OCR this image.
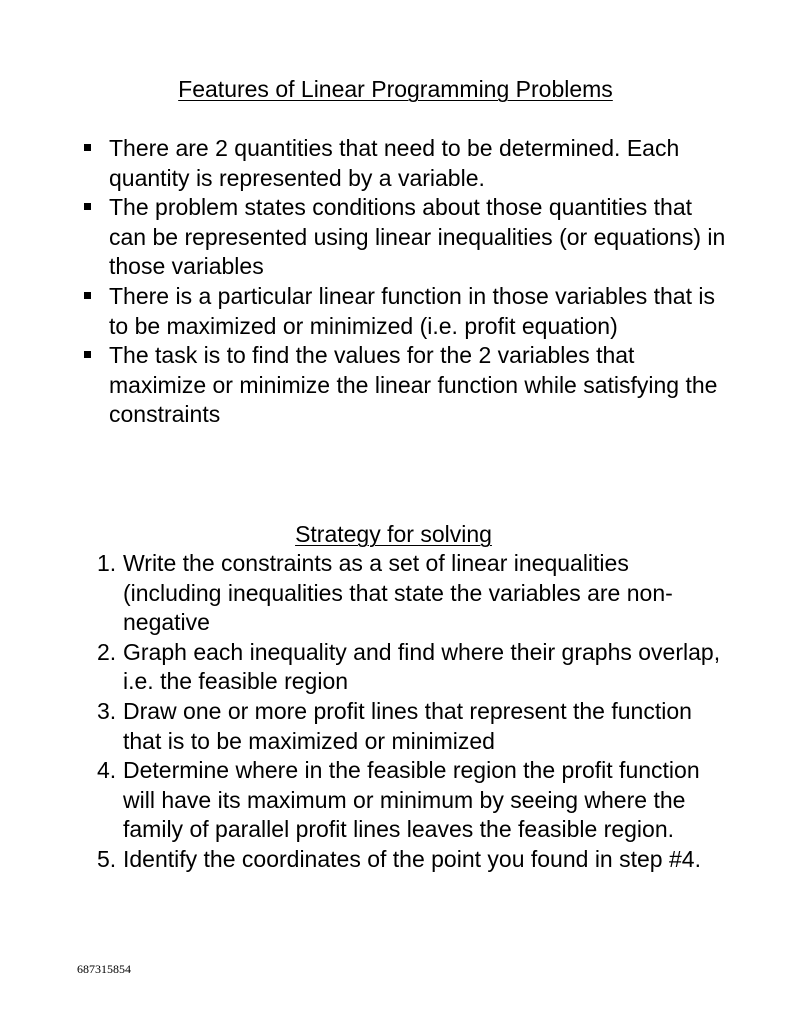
Features of Linear Programming Problems
There are 2 quantities that need to be determined. Each quantity is represented by a variable.
The problem states conditions about those quantities that can be represented using linear inequalities (or equations) in those variables
There is a particular linear function in those variables that is to be maximized or minimized (i.e. profit equation)
The task is to find the values for the 2 variables that maximize or minimize the linear function while satisfying the constraints
Strategy for solving
1. Write the constraints as a set of linear inequalities (including inequalities that state the variables are non-negative
2. Graph each inequality and find where their graphs overlap, i.e. the feasible region
3. Draw one or more profit lines that represent the function that is to be maximized or minimized
4. Determine where in the feasible region the profit function will have its maximum or minimum by seeing where the family of parallel profit lines leaves the feasible region.
5. Identify the coordinates of the point you found in step #4.
687315854
